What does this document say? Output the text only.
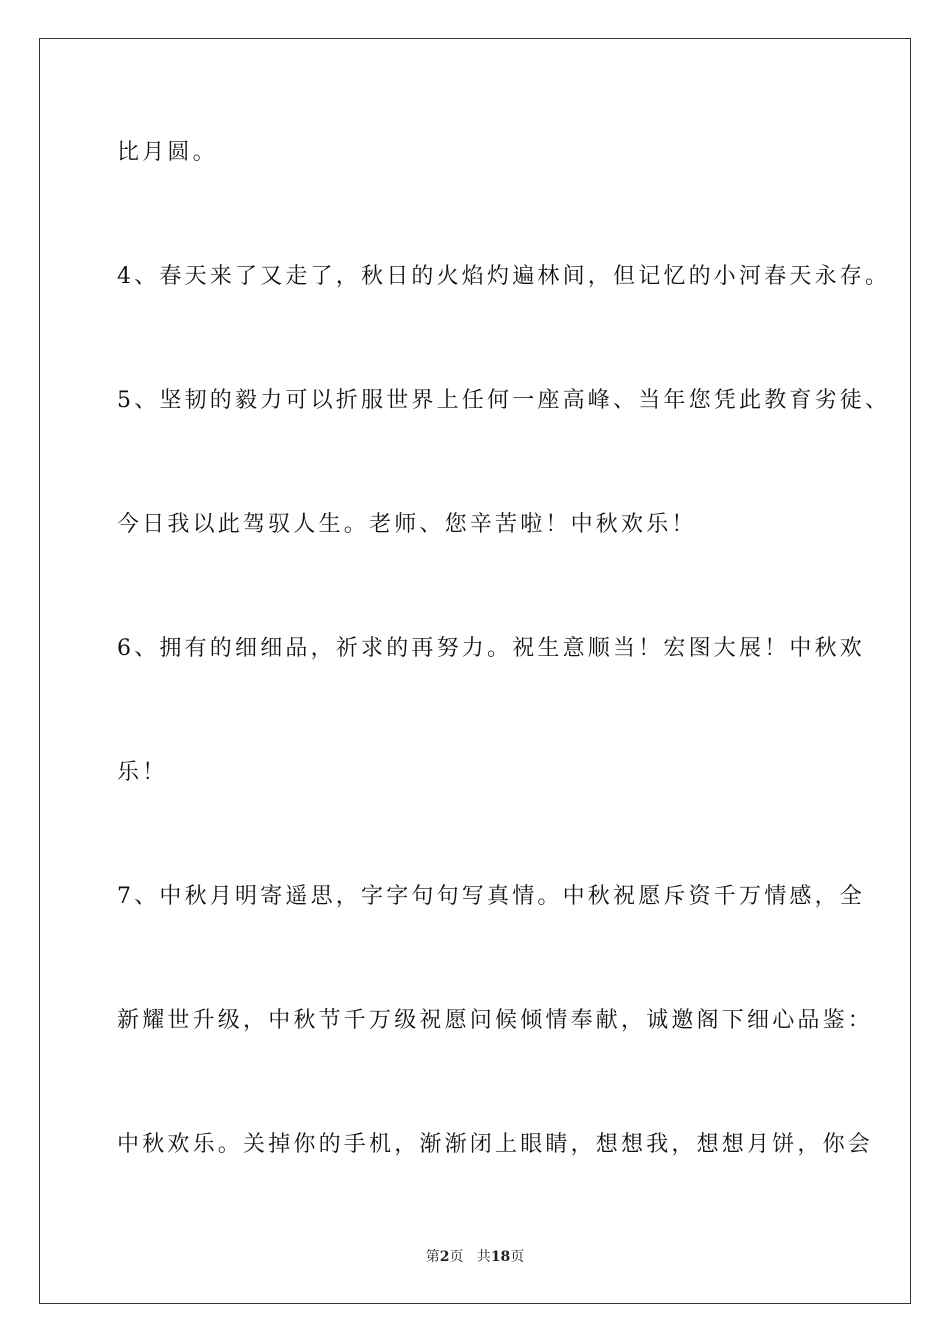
比月圆。
4、春天来了又走了，秋日的火焰灼遍林间，但记忆的小河春天永存。
5、坚韧的毅力可以折服世界上任何一座高峰、当年您凭此教育劣徒、
今日我以此驾驭人生。老师、您辛苦啦！中秋欢乐！
6、拥有的细细品，祈求的再努力。祝生意顺当！宏图大展！中秋欢
乐！
7、中秋月明寄遥思，字字句句写真情。中秋祝愿斥资千万情感，全
新耀世升级，中秋节千万级祝愿问候倾情奉献，诚邀阁下细心品鉴：
中秋欢乐。关掉你的手机，渐渐闭上眼睛，想想我，想想月饼，你会
第2页   共18页
